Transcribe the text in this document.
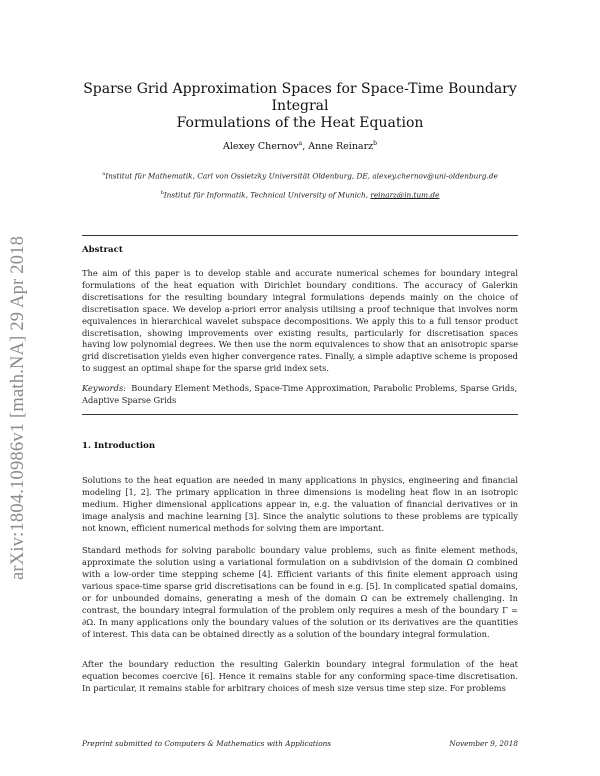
arXiv:1804.10986v1 [math.NA] 29 Apr 2018
Sparse Grid Approximation Spaces for Space-Time Boundary Integral
Formulations of the Heat Equation
Alexey Chernov$^a$, Anne Reinarz$^b$
$^a$Institut für Mathematik, Carl von Ossietzky Universität Oldenburg, DE, alexey.chernov@uni-oldenburg.de
$^b$Institut für Informatik, Technical University of Munich, reinarz@in.tum.de
Abstract
The aim of this paper is to develop stable and accurate numerical schemes for boundary integral formulations of the heat equation with Dirichlet boundary conditions. The accuracy of Galerkin discretisations for the resulting boundary integral formulations depends mainly on the choice of discretisation space. We develop a-priori error analysis utilising a proof technique that involves norm equivalences in hierarchical wavelet subspace decompositions. We apply this to a full tensor product discretisation, showing improvements over existing results, particularly for discretisation spaces having low polynomial degrees. We then use the norm equivalences to show that an anisotropic sparse grid discretisation yields even higher convergence rates. Finally, a simple adaptive scheme is proposed to suggest an optimal shape for the sparse grid index sets.
Keywords: Boundary Element Methods, Space-Time Approximation, Parabolic Problems, Sparse Grids, Adaptive Sparse Grids
1. Introduction
Solutions to the heat equation are needed in many applications in physics, engineering and financial modeling [1, 2]. The primary application in three dimensions is modeling heat flow in an isotropic medium. Higher dimensional applications appear in, e.g. the valuation of financial derivatives or in image analysis and machine learning [3]. Since the analytic solutions to these problems are typically not known, efficient numerical methods for solving them are important.
Standard methods for solving parabolic boundary value problems, such as finite element methods, approximate the solution using a variational formulation on a subdivision of the domain Ω combined with a low-order time stepping scheme [4]. Efficient variants of this finite element approach using various space-time sparse grid discretisations can be found in e.g. [5]. In complicated spatial domains, or for unbounded domains, generating a mesh of the domain Ω can be extremely challenging. In contrast, the boundary integral formulation of the problem only requires a mesh of the boundary Γ = ∂Ω. In many applications only the boundary values of the solution or its derivatives are the quantities of interest. This data can be obtained directly as a solution of the boundary integral formulation.
After the boundary reduction the resulting Galerkin boundary integral formulation of the heat equation becomes coercive [6]. Hence it remains stable for any conforming space-time discretisation. In particular, it remains stable for arbitrary choices of mesh size versus time step size. For problems
Preprint submitted to Computers & Mathematics with Applications	November 9, 2018
